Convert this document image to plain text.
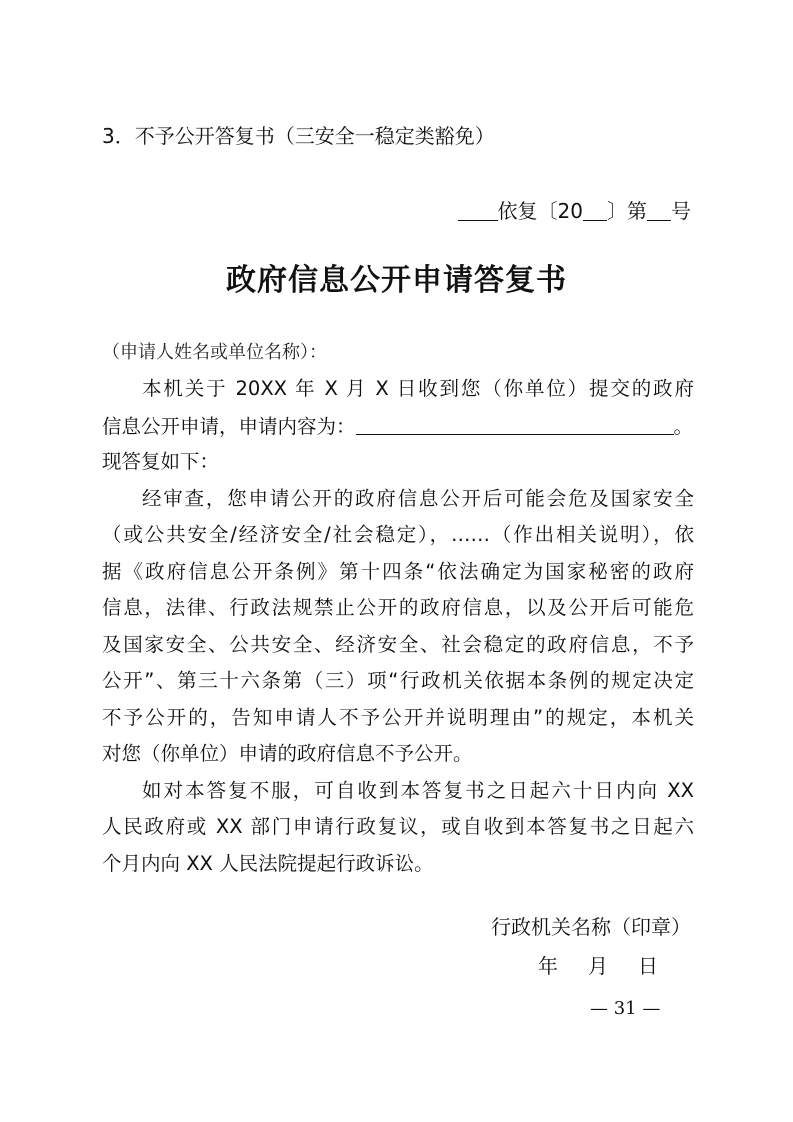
3．不予公开答复书（三安全一稳定类豁免）
依复〔20 〕第 号
政府信息公开申请答复书
（申请人姓名或单位名称）：
本机关于 20XX 年 X 月 X 日收到您（你单位）提交的政府
信息公开申请，申请内容为：	。
现答复如下：
经审查，您申请公开的政府信息公开后可能会危及国家安全
（或公共安全/经济安全/社会稳定），……（作出相关说明），依
据《政府信息公开条例》第十四条“依法确定为国家秘密的政府
信息，法律、行政法规禁止公开的政府信息，以及公开后可能危
及国家安全、公共安全、经济安全、社会稳定的政府信息，不予
公开”、第三十六条第（三）项“行政机关依据本条例的规定决定
不予公开的，告知申请人不予公开并说明理由”的规定，本机关
对您（你单位）申请的政府信息不予公开。
如对本答复不服，可自收到本答复书之日起六十日内向 XX
人民政府或 XX 部门申请行政复议，或自收到本答复书之日起六
个月内向 XX 人民法院提起行政诉讼。
行政机关名称（印章）
年 月 日
— 31 —
